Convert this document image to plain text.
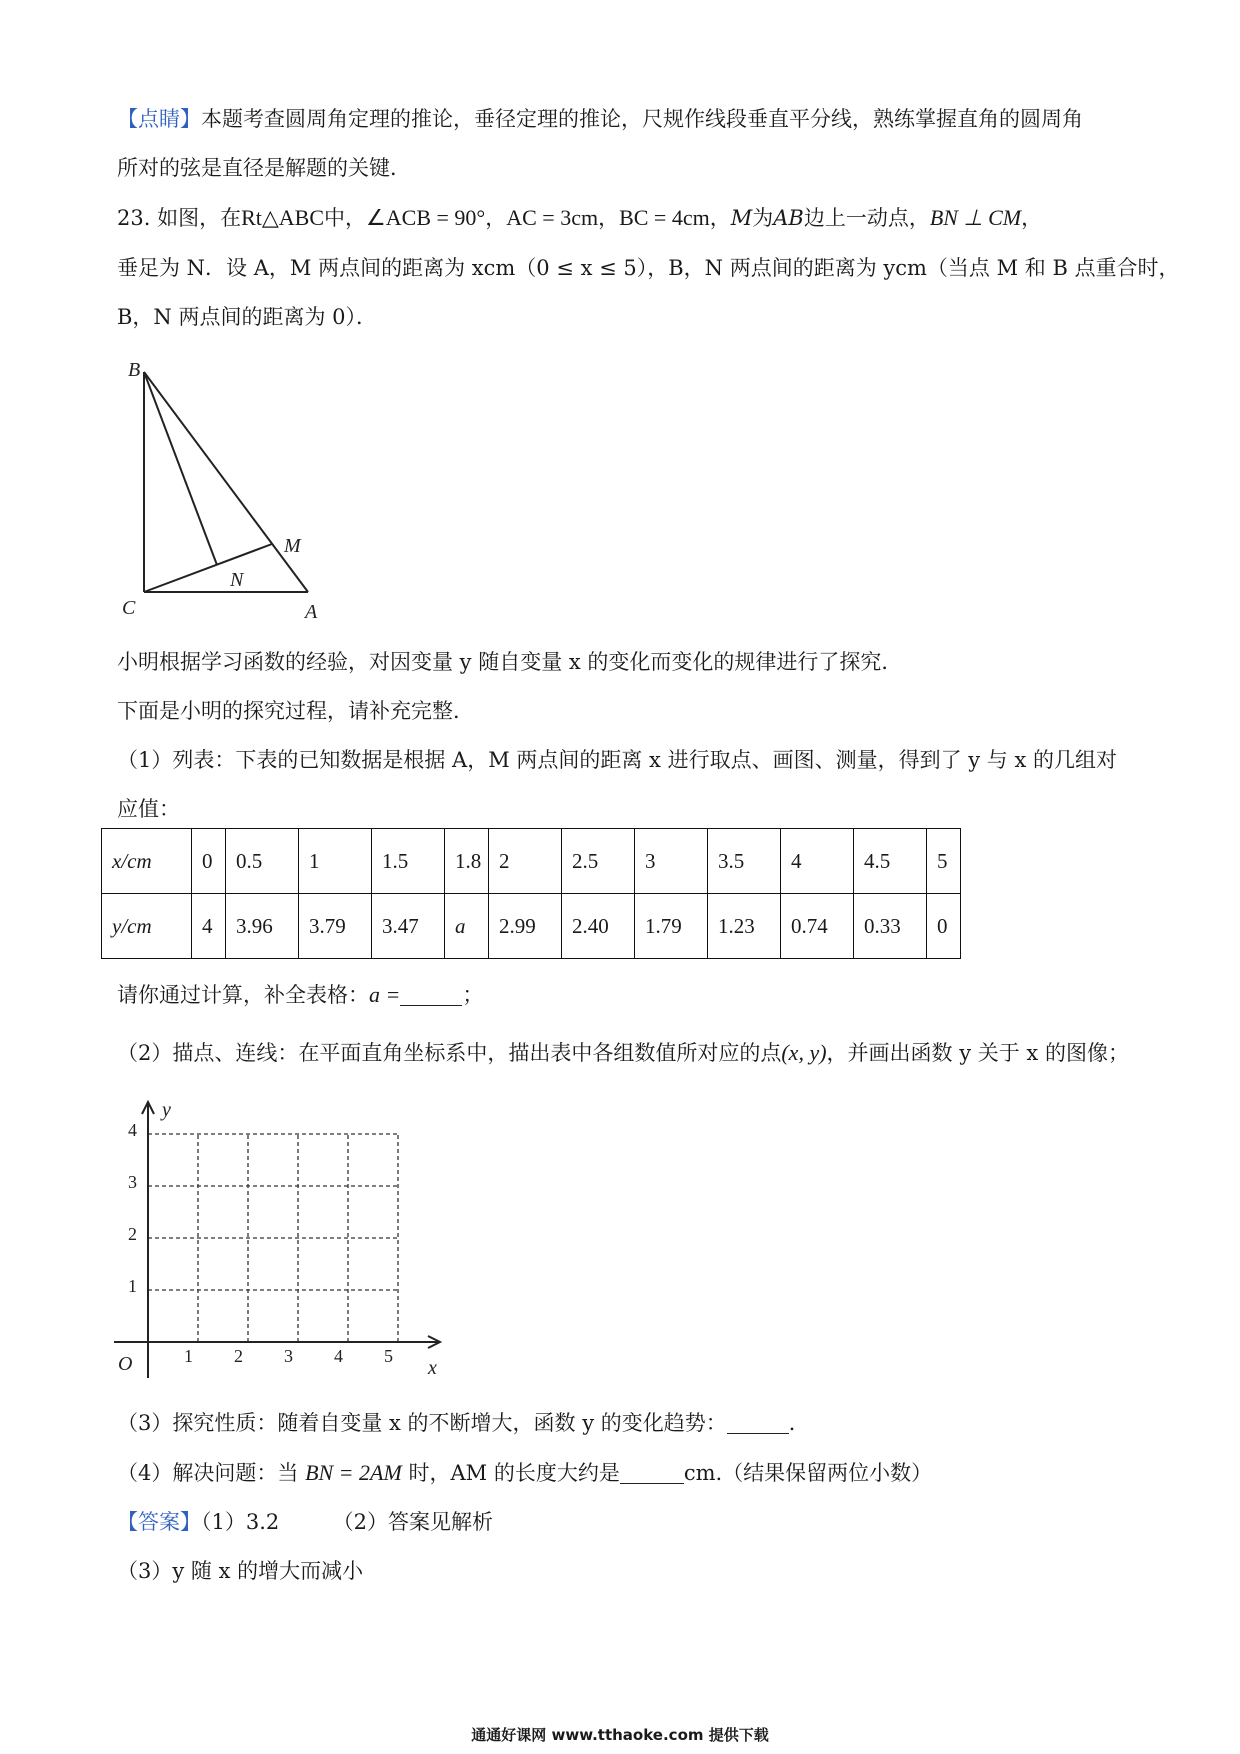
【点睛】本题考查圆周角定理的推论，垂径定理的推论，尺规作线段垂直平分线，熟练掌握直角的圆周角
所对的弦是直径是解题的关键．
23. 如图，在Rt△ABC中，∠ACB = 90°，AC = 3cm，BC = 4cm，M为AB边上一动点，BN ⊥ CM，
垂足为 N．设 A，M 两点间的距离为 xcm（0 ≤ x ≤ 5），B，N 两点间的距离为 ycm（当点 M 和 B 点重合时，
B，N 两点间的距离为 0）．
B
C	A
M
N
小明根据学习函数的经验，对因变量 y 随自变量 x 的变化而变化的规律进行了探究．
下面是小明的探究过程，请补充完整．
（1）列表：下表的已知数据是根据 A，M 两点间的距离 x 进行取点、画图、测量，得到了 y 与 x 的几组对
应值：
x/cm	0	0.5	1	1.5	1.8	2	2.5	3	3.5	4	4.5	5
y/cm	4	3.96	3.79	3.47	a	2.99	2.40	1.79	1.23	0.74	0.33	0
请你通过计算，补全表格：a =	；
（2）描点、连线：在平面直角坐标系中，描出表中各组数值所对应的点(x, y)，并画出函数 y 关于 x 的图像；
1 2 3 4 5
1
2
3
4
O	x
y
（3）探究性质：随着自变量 x 的不断增大，函数 y 的变化趋势：	．
（4）解决问题：当 BN = 2AM 时，AM 的长度大约是	cm.（结果保留两位小数）
【答案】（1）3.2	（2）答案见解析
（3）y 随 x 的增大而减小
通通好课网 www.tthaoke.com 提供下载
